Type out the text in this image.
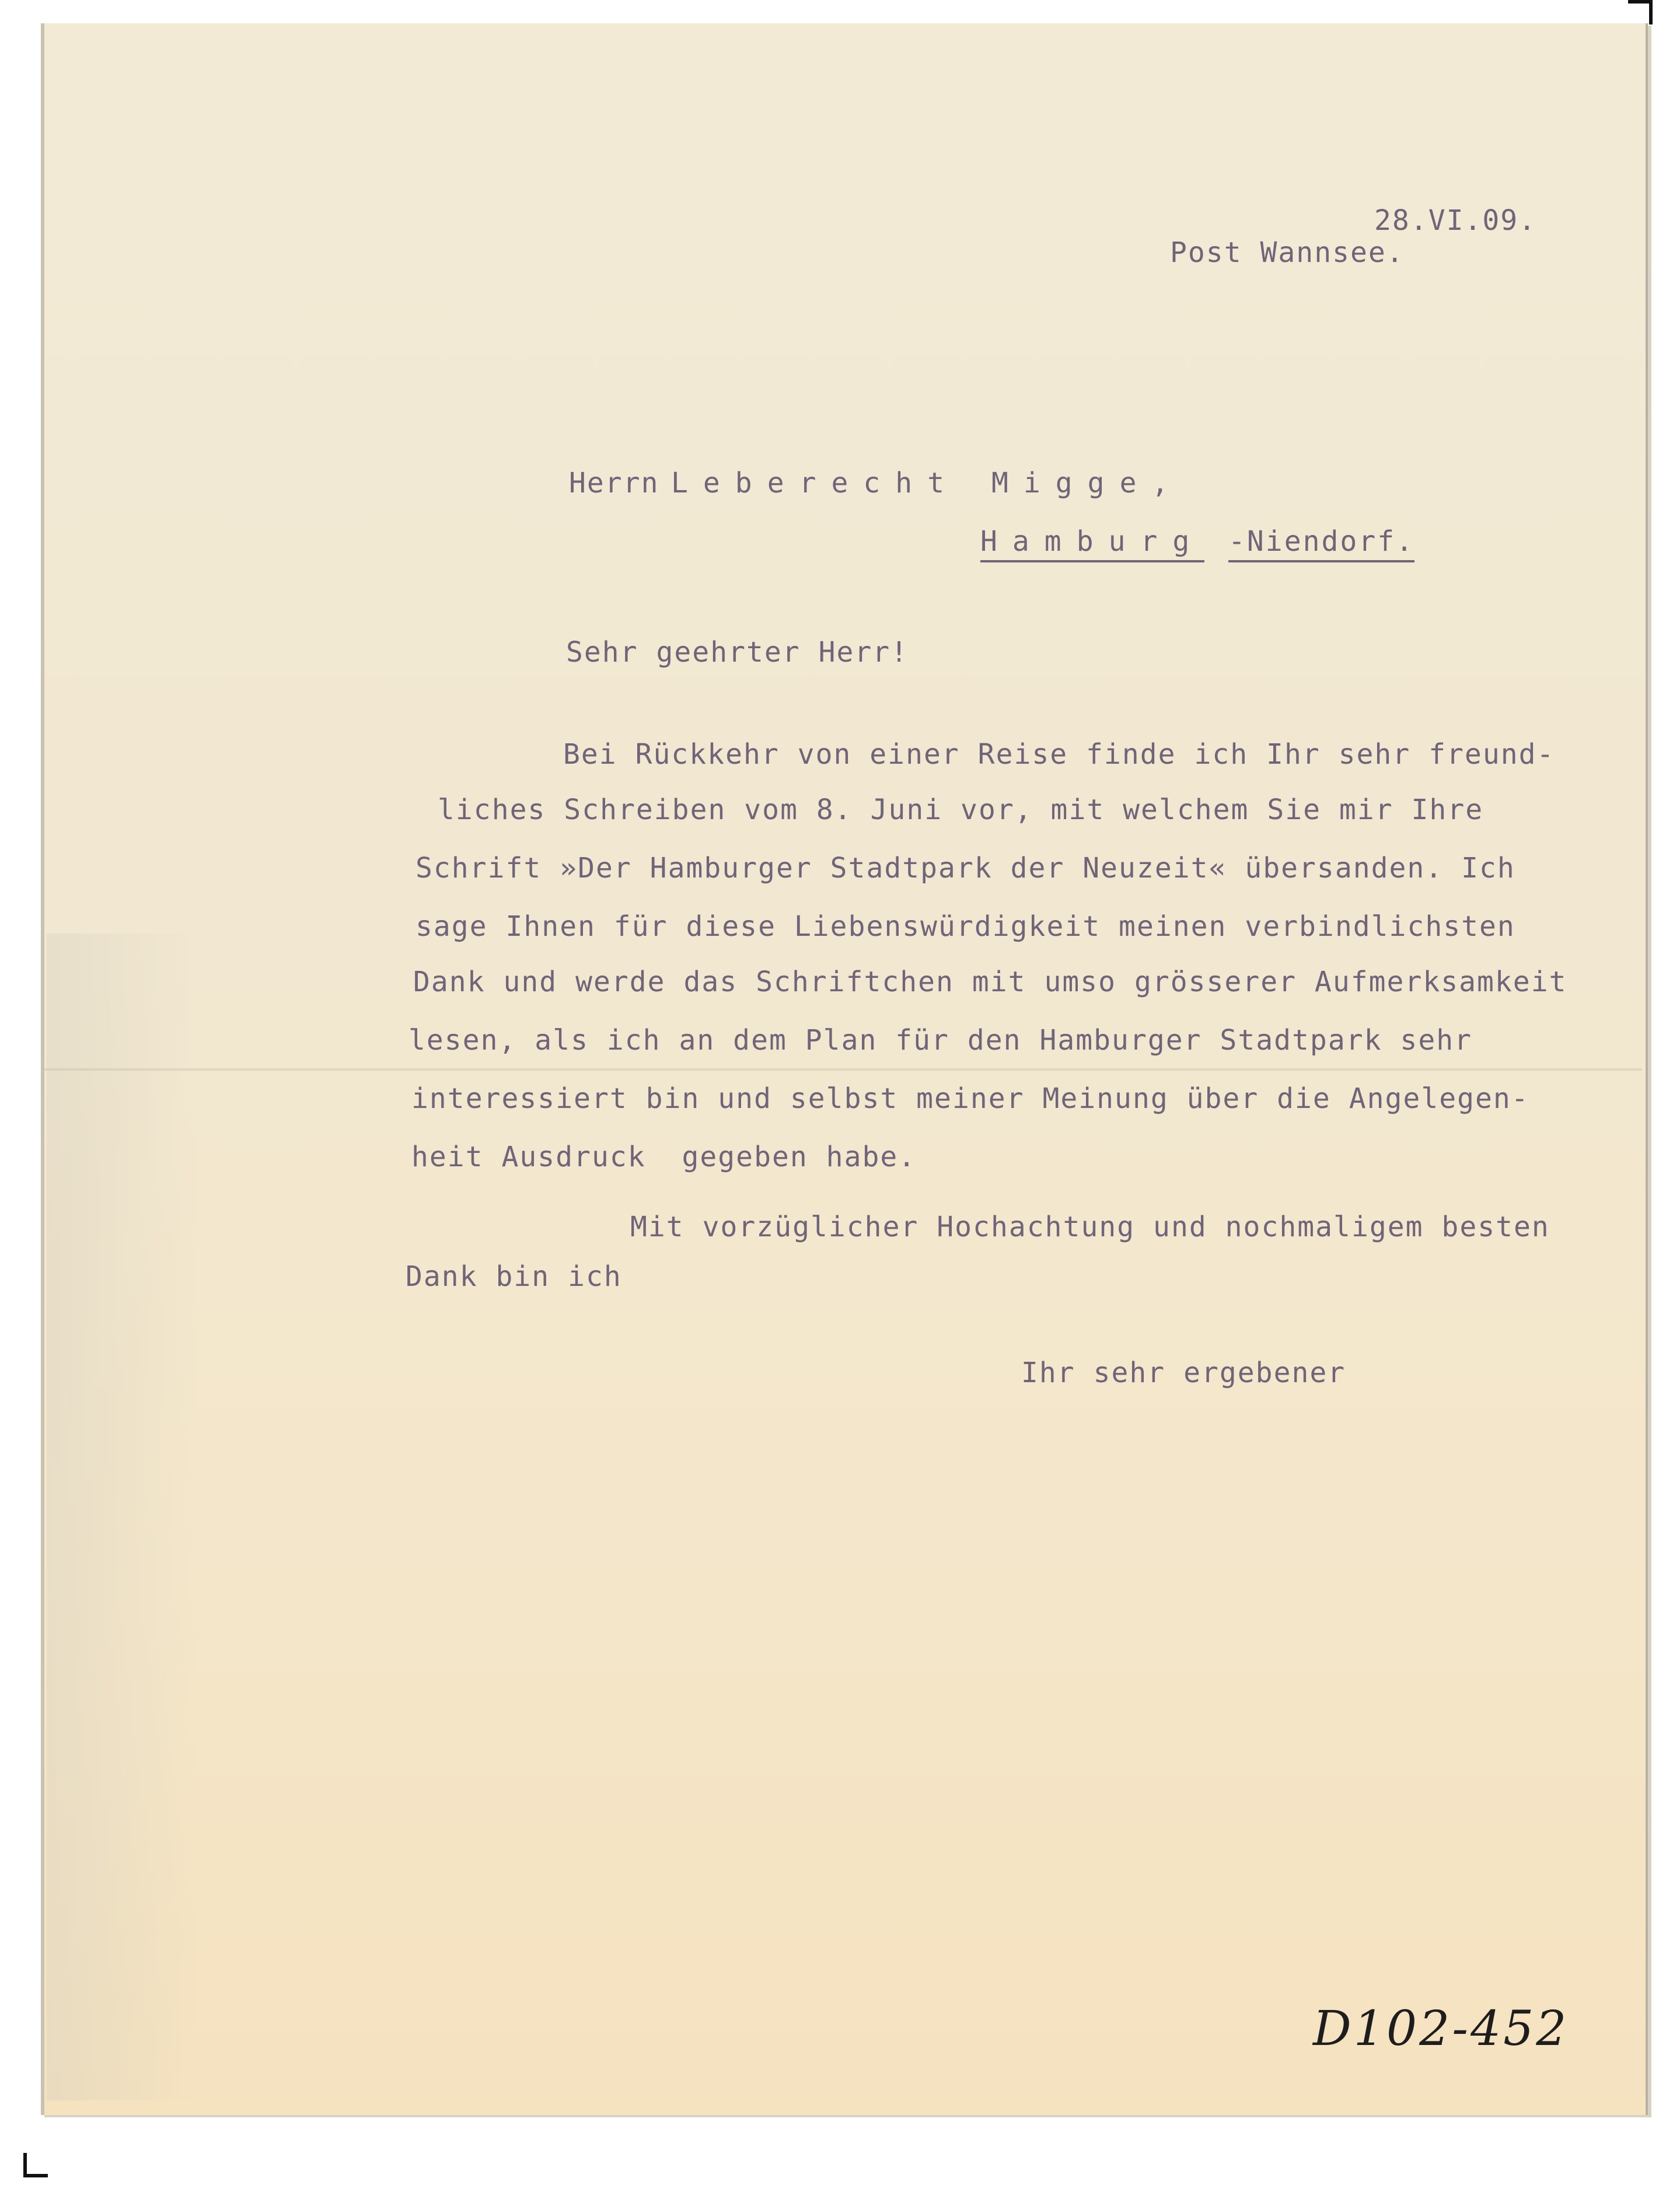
28.VI.09.
Post Wannsee.
Herrn Leberecht Migge,
Hamburg -Niendorf.
Sehr geehrter Herr!
Bei Rückkehr von einer Reise finde ich Ihr sehr freund-
liches Schreiben vom 8. Juni vor, mit welchem Sie mir Ihre
Schrift »Der Hamburger Stadtpark der Neuzeit« übersanden. Ich
sage Ihnen für diese Liebenswürdigkeit meinen verbindlichsten
Dank und werde das Schriftchen mit umso grösserer Aufmerksamkeit
lesen, als ich an dem Plan für den Hamburger Stadtpark sehr
interessiert bin und selbst meiner Meinung über die Angelegen-
heit Ausdruck  gegeben habe.
Mit vorzüglicher Hochachtung und nochmaligem besten
Dank bin ich
Ihr sehr ergebener
D102-452
